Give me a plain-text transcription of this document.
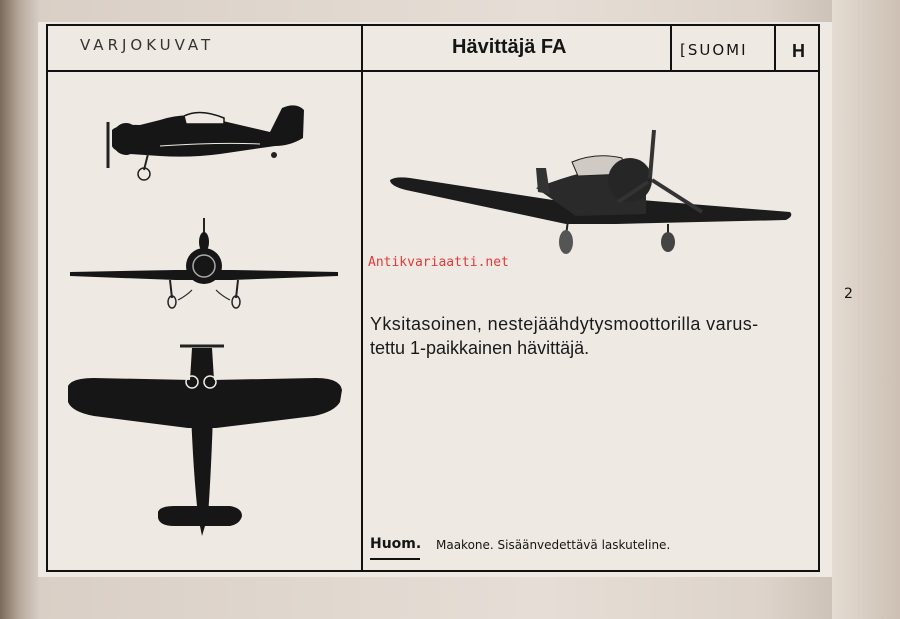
VARJOKUVAT	Hävittäjä FA	[SUOMI H
Antikvariaatti.net
Yksitasoinen, nestejäähdytysmoottorilla varus-
tettu 1-paikkainen hävittäjä.
Huom. Maakone. Sisäänvedettävä laskuteline.
2
